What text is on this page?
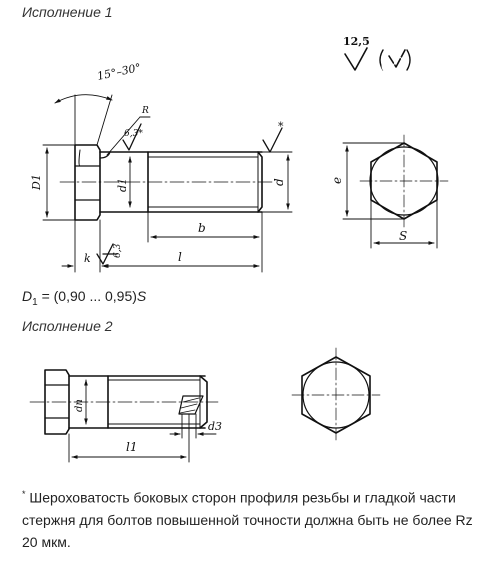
Исполнение 1
Исполнение 2
$D_1 = (0,90$ ... 0,95)S
* Шероховатость боковых сторон профиля резьбы и гладкой части стержня для болтов повышенной точности должна быть не более Rz 20 мкм.
15°–30°
12,5
(√)
R
6,3*
*
D1	d1	d
b
l
k
6,3
e
S
dп
l1
d3
